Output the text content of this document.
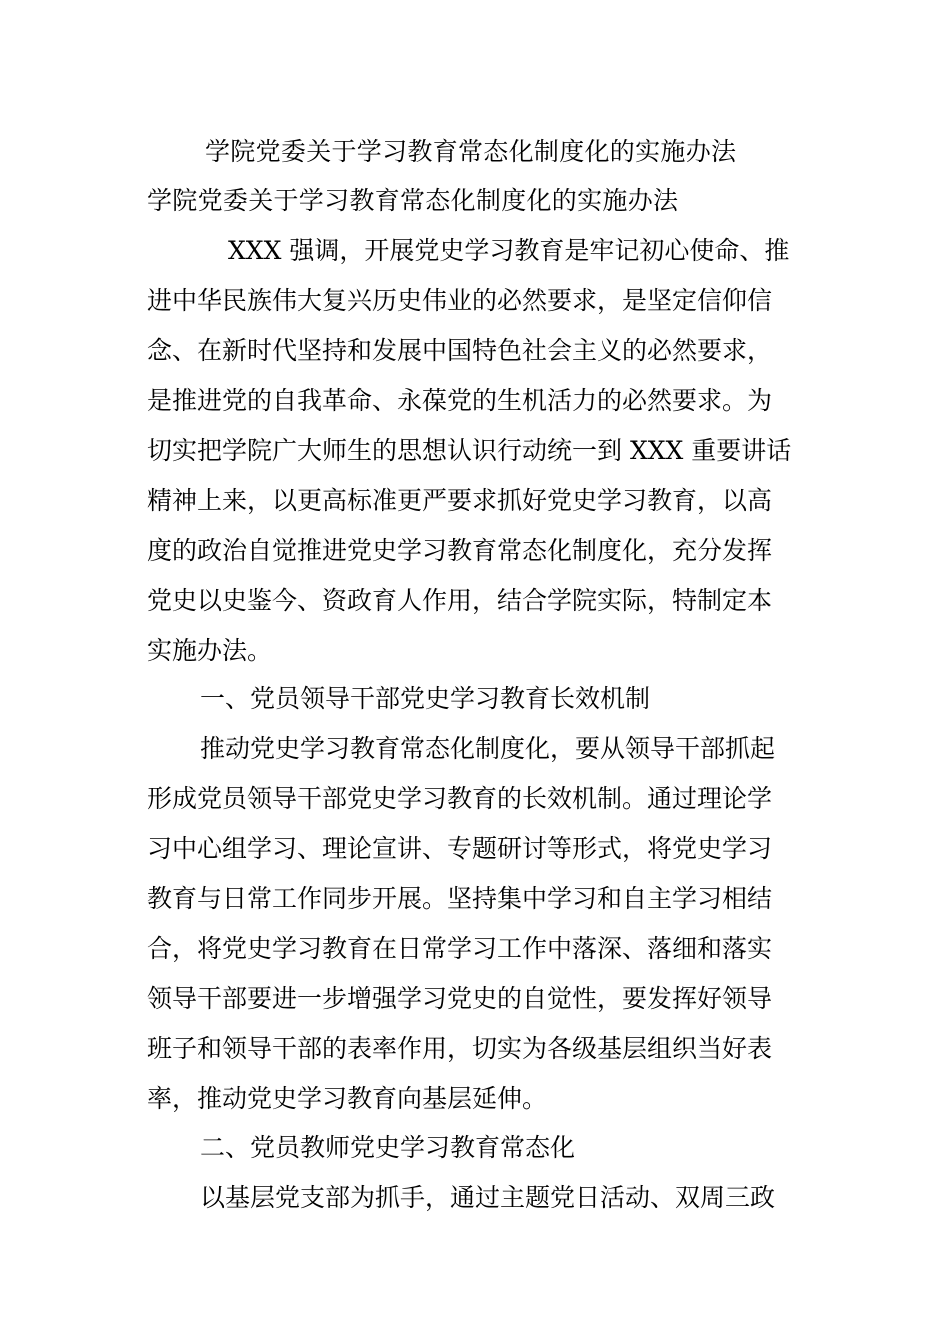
学院党委关于学习教育常态化制度化的实施办法
学院党委关于学习教育常态化制度化的实施办法
XXX 强调，开展党史学习教育是牢记初心使命、推
进中华民族伟大复兴历史伟业的必然要求，是坚定信仰信
念、在新时代坚持和发展中国特色社会主义的必然要求，
是推进党的自我革命、永葆党的生机活力的必然要求。为
切实把学院广大师生的思想认识行动统一到 XXX 重要讲话
精神上来，以更高标准更严要求抓好党史学习教育，以高
度的政治自觉推进党史学习教育常态化制度化，充分发挥
党史以史鉴今、资政育人作用，结合学院实际，特制定本
实施办法。
一、党员领导干部党史学习教育长效机制
推动党史学习教育常态化制度化，要从领导干部抓起
形成党员领导干部党史学习教育的长效机制。通过理论学
习中心组学习、理论宣讲、专题研讨等形式，将党史学习
教育与日常工作同步开展。坚持集中学习和自主学习相结
合，将党史学习教育在日常学习工作中落深、落细和落实
领导干部要进一步增强学习党史的自觉性，要发挥好领导
班子和领导干部的表率作用，切实为各级基层组织当好表
率，推动党史学习教育向基层延伸。
二、党员教师党史学习教育常态化
以基层党支部为抓手，通过主题党日活动、双周三政
